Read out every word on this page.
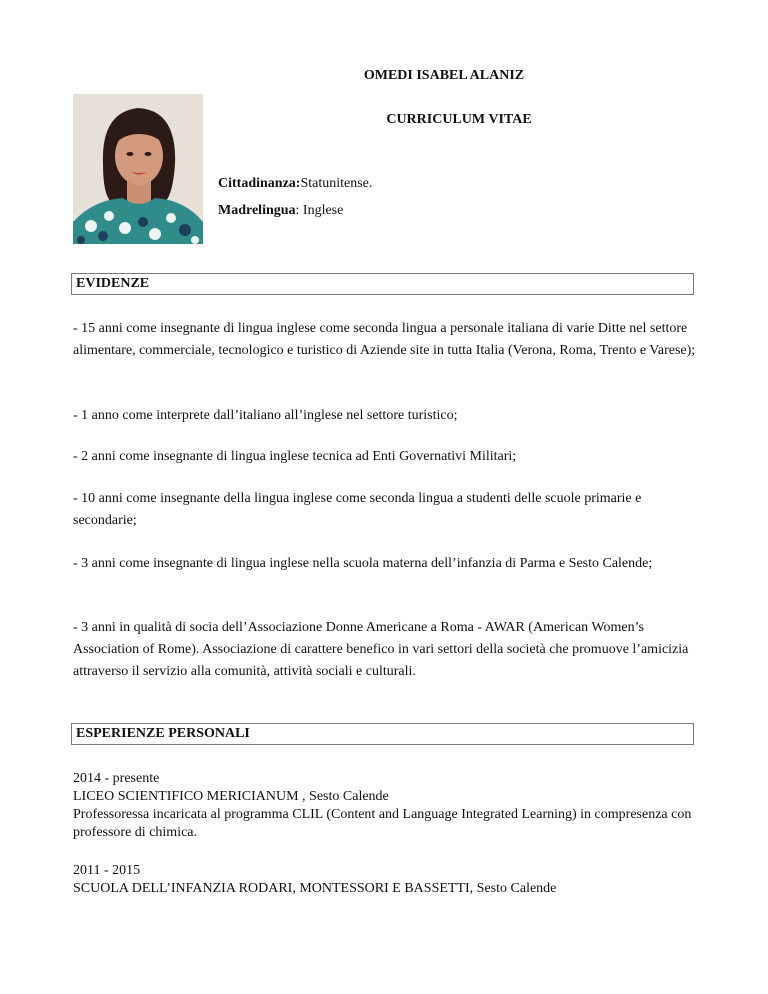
OMEDI ISABEL ALANIZ
CURRICULUM VITAE
Cittadinanza:Statunitense.
Madrelingua: Inglese
EVIDENZE
- 15 anni come insegnante di lingua inglese come seconda lingua a personale italiana di varie Ditte nel settore alimentare, commerciale, tecnologico e turistico di Aziende site in tutta Italia (Verona, Roma, Trento e Varese);
- 1 anno come interprete dall’italiano all’inglese nel settore turistico;
- 2 anni come insegnante di lingua inglese tecnica ad Enti Governativi Militari;
- 10 anni come insegnante della lingua inglese come seconda lingua a studenti delle scuole primarie e secondarie;
- 3 anni come insegnante di lingua inglese nella scuola materna dell’infanzia di Parma e Sesto Calende;
- 3 anni in qualità di socia dell’Associazione Donne Americane a Roma - AWAR (American Women’s Association of Rome). Associazione di carattere benefico in vari settori della società che promuove l’amicizia attraverso il servizio alla comunità, attività sociali e culturali.
ESPERIENZE PERSONALI
2014 - presente
LICEO SCIENTIFICO MERICIANUM , Sesto Calende
Professoressa incaricata al programma CLIL (Content and Language Integrated Learning) in compresenza con professore di chimica.
2011 - 2015
SCUOLA DELL’INFANZIA RODARI, MONTESSORI E BASSETTI, Sesto Calende
